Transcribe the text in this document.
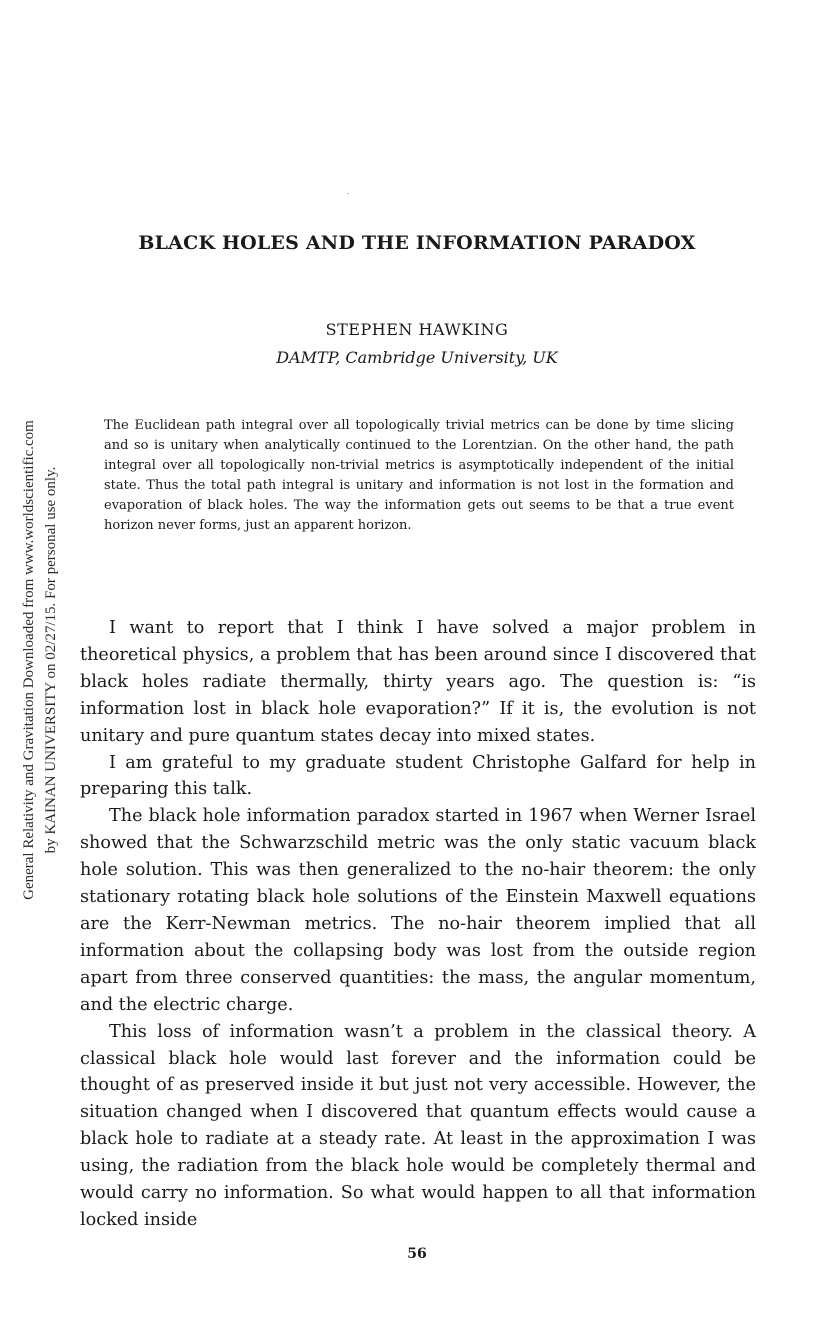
General Relativity and Gravitation Downloaded from www.worldscientific.com by KAINAN UNIVERSITY on 02/27/15. For personal use only.
BLACK HOLES AND THE INFORMATION PARADOX
STEPHEN HAWKING
DAMTP, Cambridge University, UK
The Euclidean path integral over all topologically trivial metrics can be done by time slicing and so is unitary when analytically continued to the Lorentzian. On the other hand, the path integral over all topologically non-trivial metrics is asymptotically independent of the initial state. Thus the total path integral is unitary and information is not lost in the formation and evaporation of black holes. The way the information gets out seems to be that a true event horizon never forms, just an apparent horizon.

I want to report that I think I have solved a major problem in theoretical physics, a problem that has been around since I discovered that black holes radiate thermally, thirty years ago. The question is: “is information lost in black hole evaporation?” If it is, the evolution is not unitary and pure quantum states decay into mixed states.

I am grateful to my graduate student Christophe Galfard for help in preparing this talk.

The black hole information paradox started in 1967 when Werner Israel showed that the Schwarzschild metric was the only static vacuum black hole solution. This was then generalized to the no-hair theorem: the only stationary rotating black hole solutions of the Einstein Maxwell equations are the Kerr-Newman metrics. The no-hair theorem implied that all information about the collapsing body was lost from the outside region apart from three conserved quantities: the mass, the angular momentum, and the electric charge.

This loss of information wasn’t a problem in the classical theory. A classical black hole would last forever and the information could be thought of as preserved inside it but just not very accessible. However, the situation changed when I discovered that quantum effects would cause a black hole to radiate at a steady rate. At least in the approximation I was using, the radiation from the black hole would be completely thermal and would carry no information. So what would happen to all that information locked inside

56
